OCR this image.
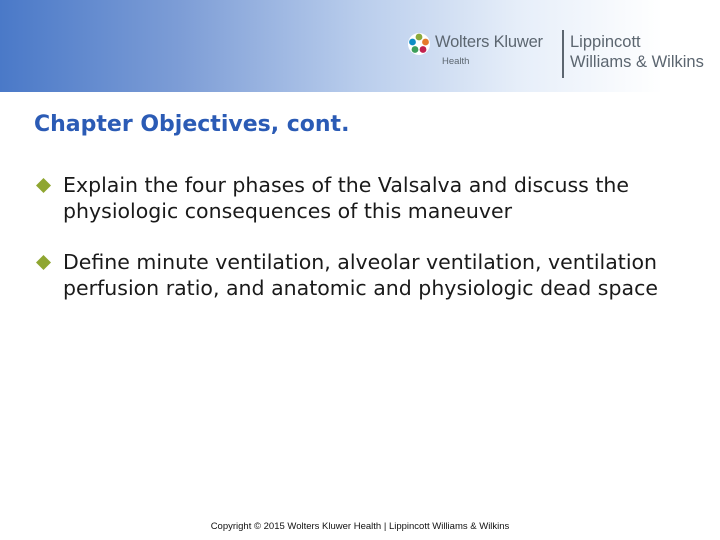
Wolters Kluwer
Health
Lippincott
Williams & Wilkins
Chapter Objectives, cont.
Explain the four phases of the Valsalva and discuss the physiologic consequences of this maneuver
Define minute ventilation, alveolar ventilation, ventilation perfusion ratio, and anatomic and physiologic dead space
Copyright © 2015 Wolters Kluwer Health | Lippincott Williams & Wilkins
